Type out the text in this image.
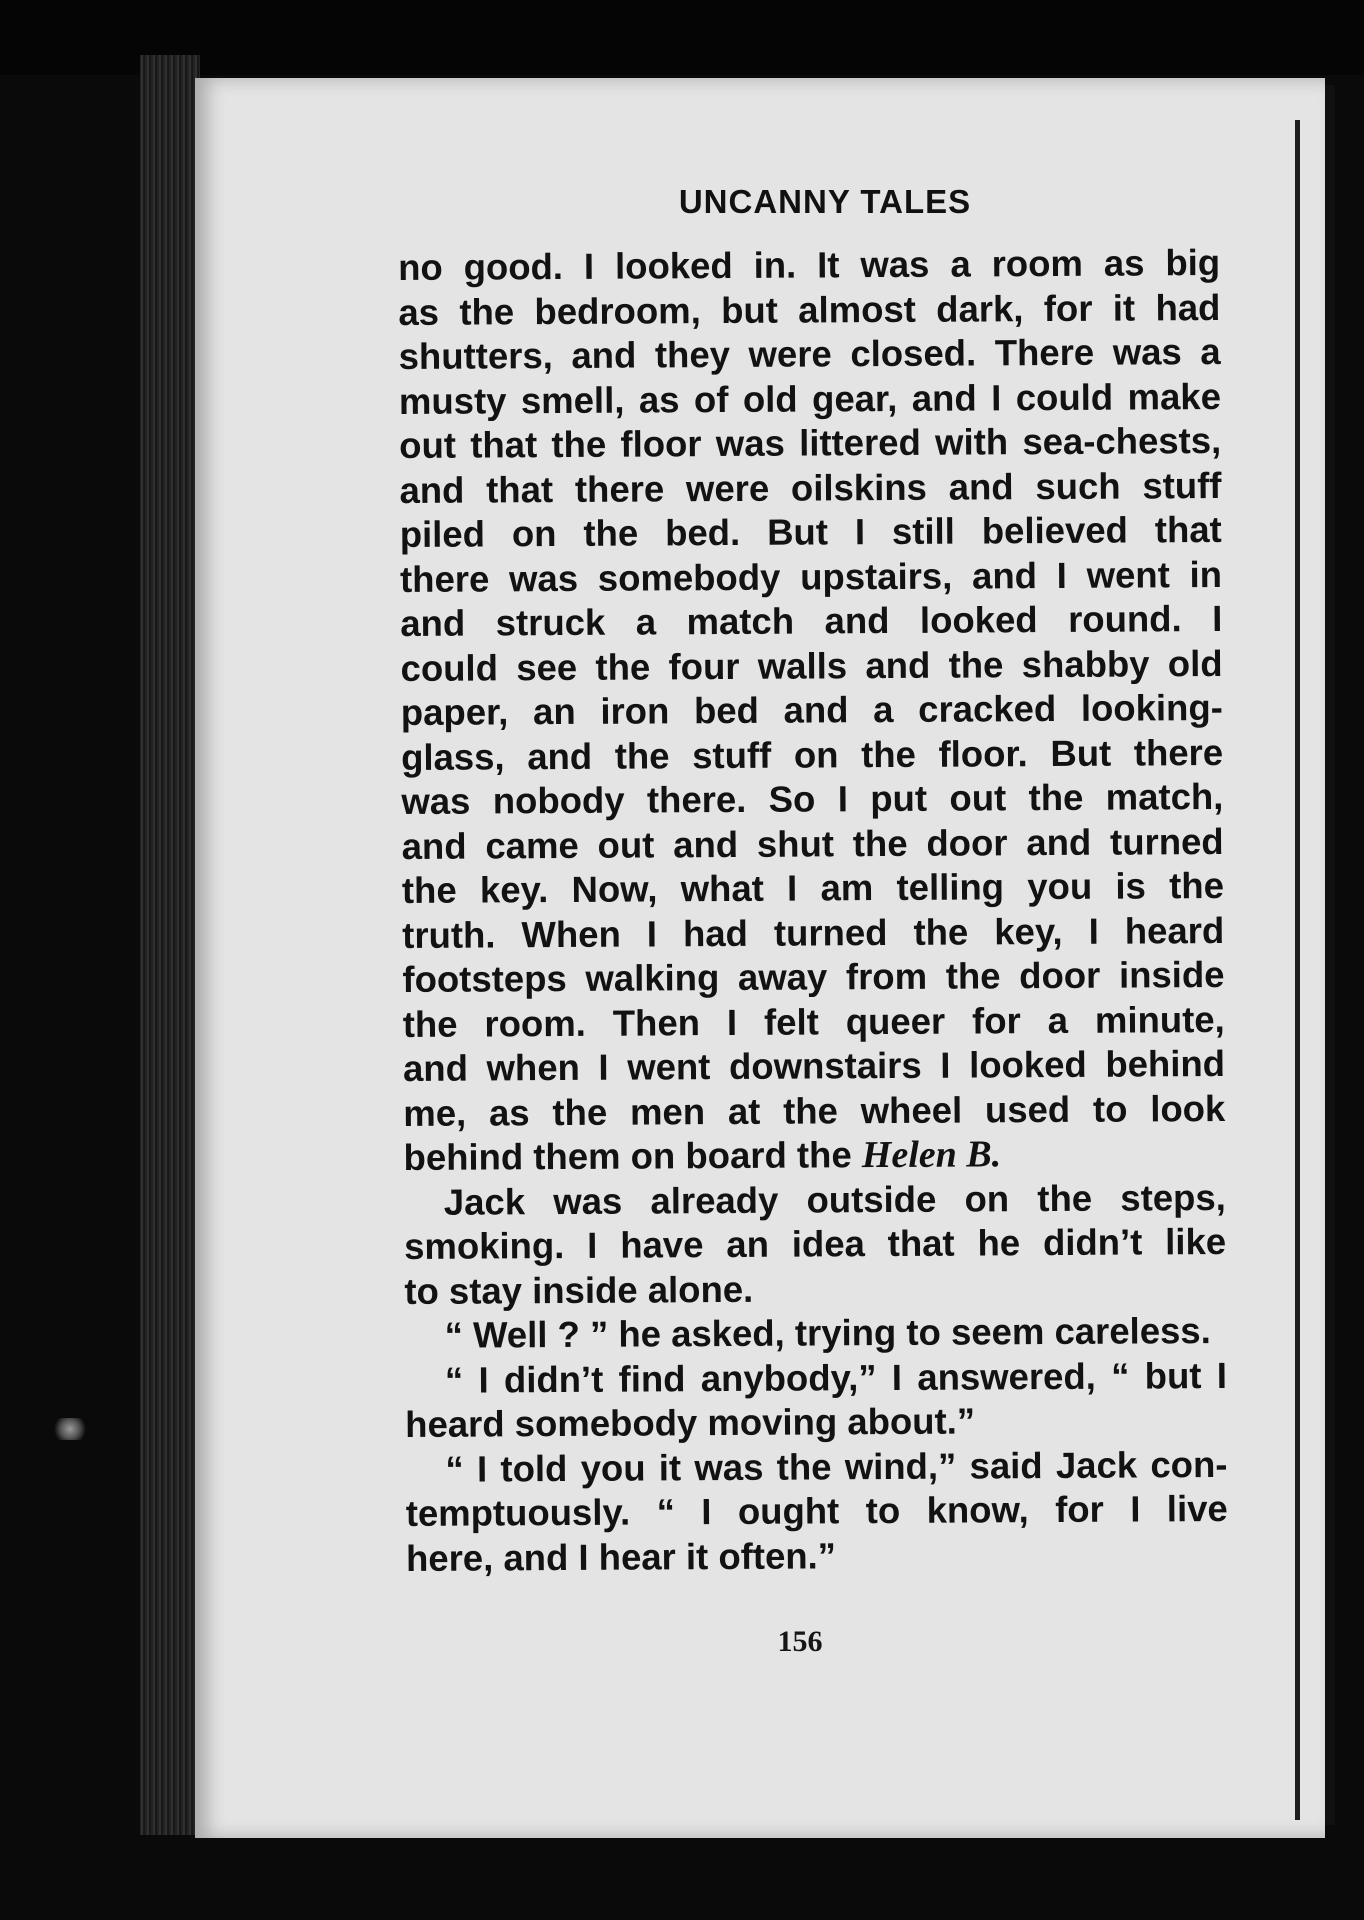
UNCANNY TALES
no good. I looked in. It was a room as big
as the bedroom, but almost dark, for it had
shutters, and they were closed. There was a
musty smell, as of old gear, and I could make
out that the floor was littered with sea-chests,
and that there were oilskins and such stuff
piled on the bed. But I still believed that
there was somebody upstairs, and I went in
and struck a match and looked round. I
could see the four walls and the shabby old
paper, an iron bed and a cracked looking-
glass, and the stuff on the floor. But there
was nobody there. So I put out the match,
and came out and shut the door and turned
the key. Now, what I am telling you is the
truth. When I had turned the key, I heard
footsteps walking away from the door inside
the room. Then I felt queer for a minute,
and when I went downstairs I looked behind
me, as the men at the wheel used to look
behind them on board the Helen B.
Jack was already outside on the steps,
smoking. I have an idea that he didn’t like
to stay inside alone.
“ Well ? ” he asked, trying to seem careless.
“ I didn’t find anybody,” I answered, “ but I
heard somebody moving about.”
“ I told you it was the wind,” said Jack con-
temptuously. “ I ought to know, for I live
here, and I hear it often.”
156
